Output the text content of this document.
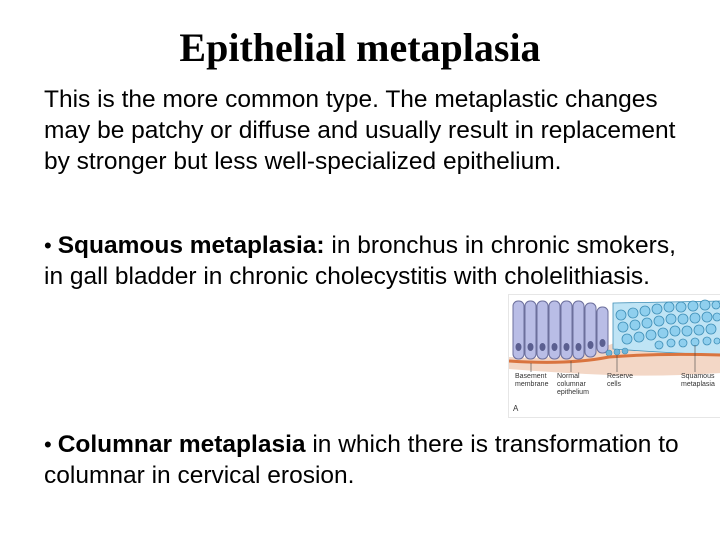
Epithelial metaplasia

This is the more common type. The metaplastic changes may be patchy or diffuse and usually result in replacement by stronger but less well-specialized epithelium.

• Squamous metaplasia: in bronchus in chronic smokers, in gall bladder in chronic cholecystitis with cholelithiasis.

• Columnar metaplasia in which there is transformation to columnar in cervical erosion.

Basement membrane
Normal columnar epithelium
Reserve cells
Squamous metaplasia
A
